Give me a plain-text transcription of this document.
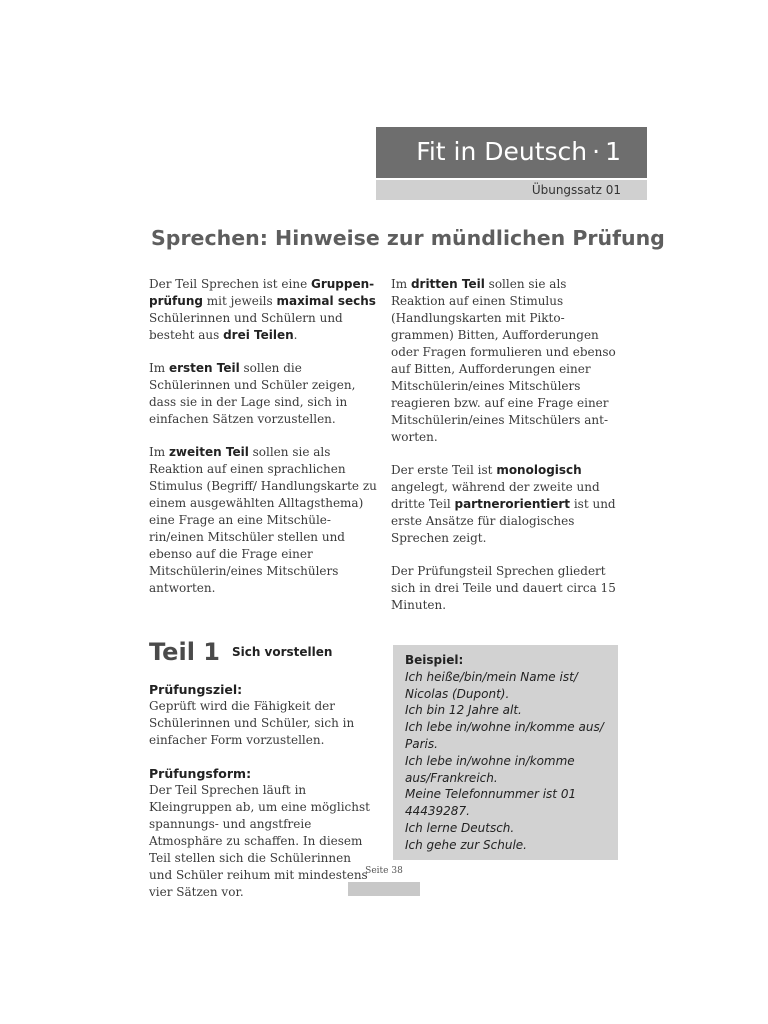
Fit in Deutsch · 1
Übungssatz 01
Sprechen: Hinweise zur mündlichen Prüfung

Der Teil Sprechen ist eine Gruppenprüfung mit jeweils maximal sechs Schülerinnen und Schülern und besteht aus drei Teilen.

Im ersten Teil sollen die Schülerinnen und Schüler zeigen, dass sie in der Lage sind, sich in einfachen Sätzen vorzustellen.

Im zweiten Teil sollen sie als Reaktion auf einen sprachlichen Stimulus (Begriff/ Handlungskarte zu einem ausgewählten Alltagsthema) eine Frage an eine Mitschülerin/einen Mitschüler stellen und ebenso auf die Frage einer Mitschülerin/eines Mitschülers antworten.

Im dritten Teil sollen sie als Reaktion auf einen Stimulus (Handlungskarten mit Piktogrammen) Bitten, Aufforderungen oder Fragen formulieren und ebenso auf Bitten, Aufforderungen einer Mitschülerin/eines Mitschülers reagieren bzw. auf eine Frage einer Mitschülerin/eines Mitschülers antworten.

Der erste Teil ist monologisch angelegt, während der zweite und dritte Teil partnerorientiert ist und erste Ansätze für dialogisches Sprechen zeigt.

Der Prüfungsteil Sprechen gliedert sich in drei Teile und dauert circa 15 Minuten.

Teil 1 $^{Sich vorstellen}$
Prüfungsziel:

Geprüft wird die Fähigkeit der Schülerinnen und Schüler, sich in einfacher Form vorzustellen.

Prüfungsform:

Der Teil Sprechen läuft in Kleingruppen ab, um eine möglichst spannungs- und angstfreie Atmosphäre zu schaffen. In diesem Teil stellen sich die Schülerinnen und Schüler reihum mit mindestens vier Sätzen vor.

Beispiel:
Ich heiße/bin/mein Name ist/ Nicolas (Dupont).
Ich bin 12 Jahre alt.
Ich lebe in/wohne in/komme aus/ Paris.
Ich lebe in/wohne in/komme aus/Frankreich.
Meine Telefonnummer ist 01 44439287.
Ich lerne Deutsch.
Ich gehe zur Schule.
Seite 38
